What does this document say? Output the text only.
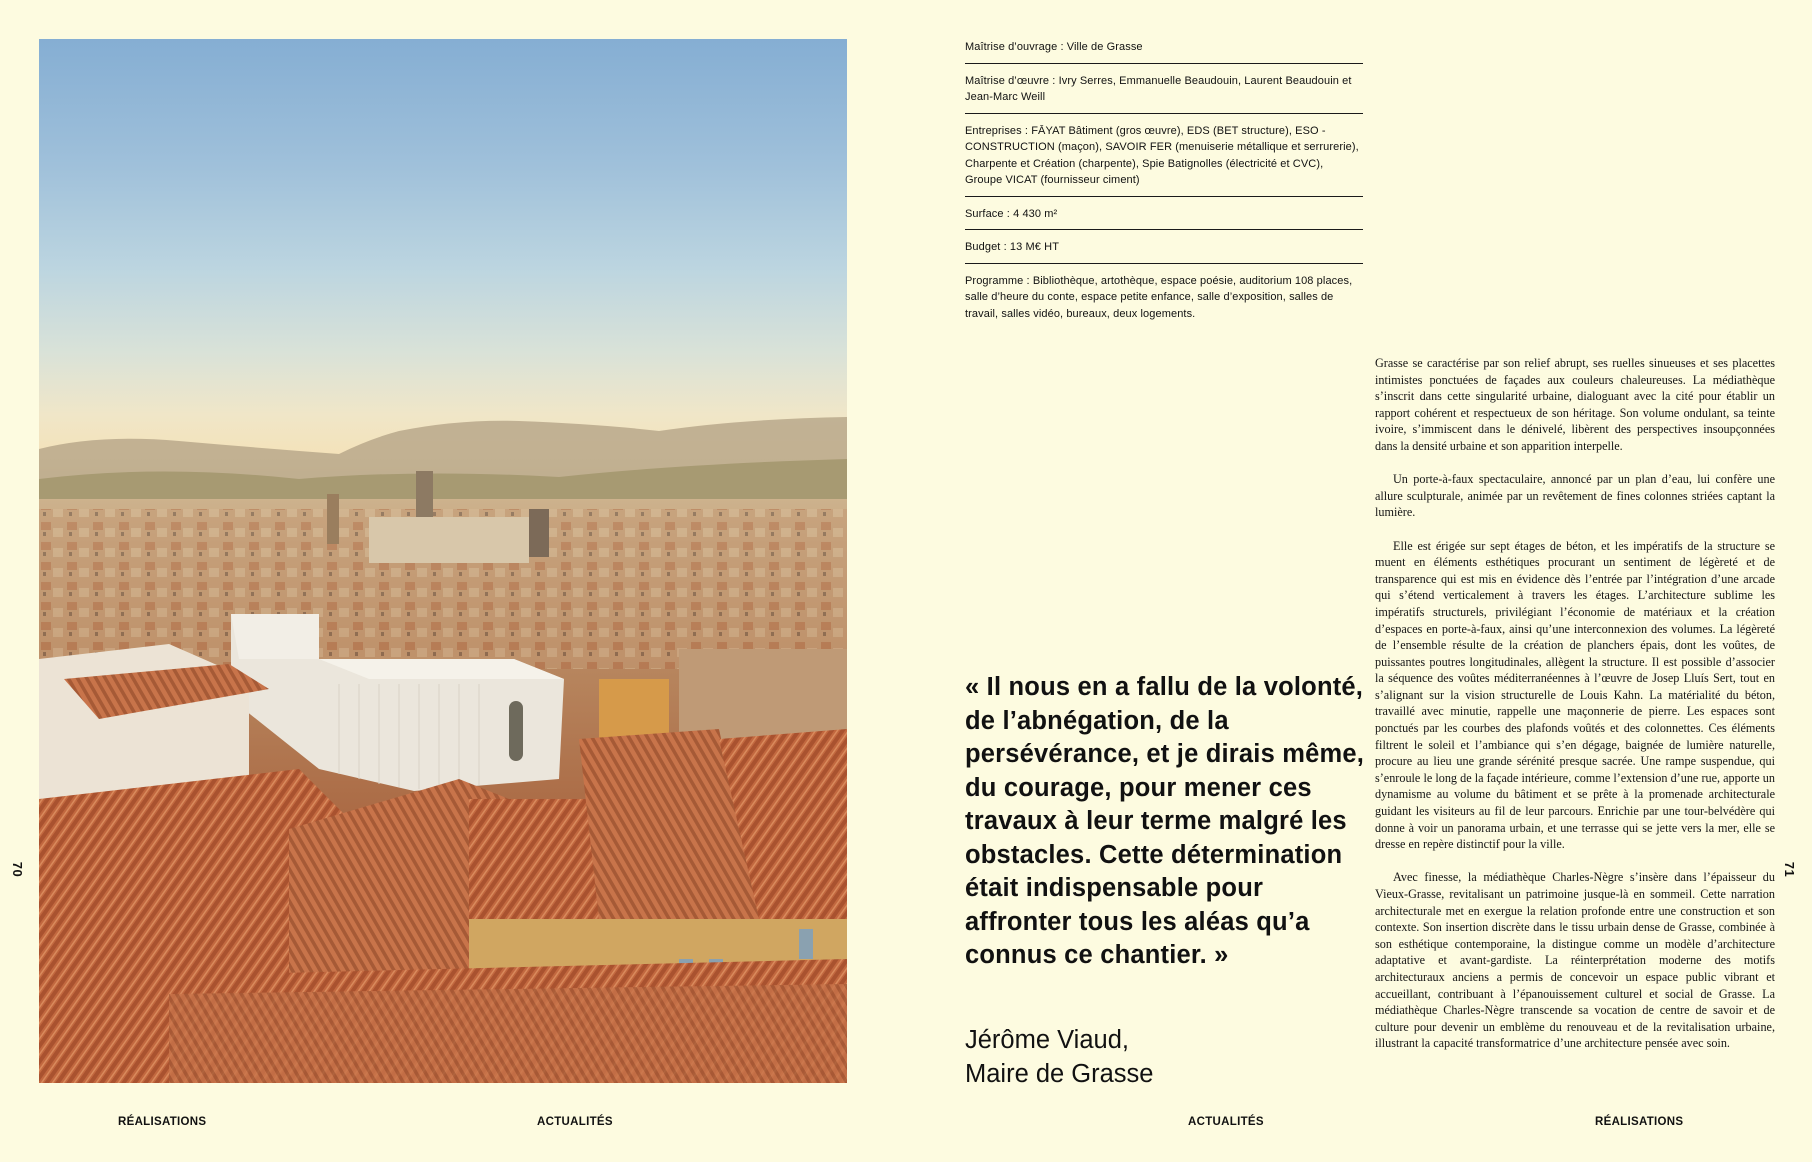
70
RÉALISATIONS	ACTUALITÉS
Maîtrise d’ouvrage : Ville de Grasse
Maîtrise d’œuvre : Ivry Serres, Emmanuelle Beaudouin, Laurent Beaudouin et Jean-Marc Weill
Entreprises : FĀYAT Bâtiment (gros œuvre), EDS (BET structure), ESO - CONSTRUCTION (maçon), SAVOIR FER (menuiserie métallique et serrurerie), Charpente et Création (charpente), Spie Batignolles (électricité et CVC), Groupe VICAT (fournisseur ciment)
Surface : 4 430 m²
Budget : 13 M€ HT
Programme : Bibliothèque, artothèque, espace poésie, auditorium 108 places, salle d’heure du conte, espace petite enfance, salle d’exposition, salles de travail, salles vidéo, bureaux, deux logements.
« Il nous en a fallu de la volonté, de l’abnégation, de la persévérance, et je dirais même, du courage, pour mener ces travaux à leur terme malgré les obstacles. Cette détermination était indispensable pour affronter tous les aléas qu’a connus ce chantier. »
Jérôme Viaud,
Maire de Grasse

Grasse se caractérise par son relief abrupt, ses ruelles sinueuses et ses placettes intimistes ponctuées de façades aux couleurs chaleureuses. La médiathèque s’inscrit dans cette singularité urbaine, dialoguant avec la cité pour établir un rapport cohérent et respectueux de son héritage. Son volume ondulant, sa teinte ivoire, s’immiscent dans le dénivelé, libèrent des perspectives insoupçonnées dans la densité urbaine et son apparition interpelle.

Un porte-à-faux spectaculaire, annoncé par un plan d’eau, lui confère une allure sculpturale, animée par un revêtement de fines colonnes striées captant la lumière.

Elle est érigée sur sept étages de béton, et les impératifs de la structure se muent en éléments esthétiques procurant un sentiment de légèreté et de transparence qui est mis en évidence dès l’entrée par l’intégration d’une arcade qui s’étend verticalement à travers les étages. L’architecture sublime les impératifs structurels, privilégiant l’économie de matériaux et la création d’espaces en porte-à-faux, ainsi qu’une interconnexion des volumes. La légèreté de l’ensemble résulte de la création de planchers épais, dont les voûtes, de puissantes poutres longitudinales, allègent la structure. Il est possible d’associer la séquence des voûtes méditerranéennes à l’œuvre de Josep Lluís Sert, tout en s’alignant sur la vision structurelle de Louis Kahn. La matérialité du béton, travaillé avec minutie, rappelle une maçonnerie de pierre. Les espaces sont ponctués par les courbes des plafonds voûtés et des colonnettes. Ces éléments filtrent le soleil et l’ambiance qui s’en dégage, baignée de lumière naturelle, procure au lieu une grande sérénité presque sacrée. Une rampe suspendue, qui s’enroule le long de la façade intérieure, comme l’extension d’une rue, apporte un dynamisme au volume du bâtiment et se prête à la promenade architecturale guidant les visiteurs au fil de leur parcours. Enrichie par une tour-belvédère qui donne à voir un panorama urbain, et une terrasse qui se jette vers la mer, elle se dresse en repère distinctif pour la ville.

Avec finesse, la médiathèque Charles-Nègre s’insère dans l’épaisseur du Vieux-Grasse, revitalisant un patrimoine jusque-là en sommeil. Cette narration architecturale met en exergue la relation profonde entre une construction et son contexte. Son insertion discrète dans le tissu urbain dense de Grasse, combinée à son esthétique contemporaine, la distingue comme un modèle d’architecture adaptative et avant-gardiste. La réinterprétation moderne des motifs architecturaux anciens a permis de concevoir un espace public vibrant et accueillant, contribuant à l’épanouissement culturel et social de Grasse. La médiathèque Charles-Nègre transcende sa vocation de centre de savoir et de culture pour devenir un emblème du renouveau et de la revitalisation urbaine, illustrant la capacité transformatrice d’une architecture pensée avec soin.

71
ACTUALITÉS	RÉALISATIONS
